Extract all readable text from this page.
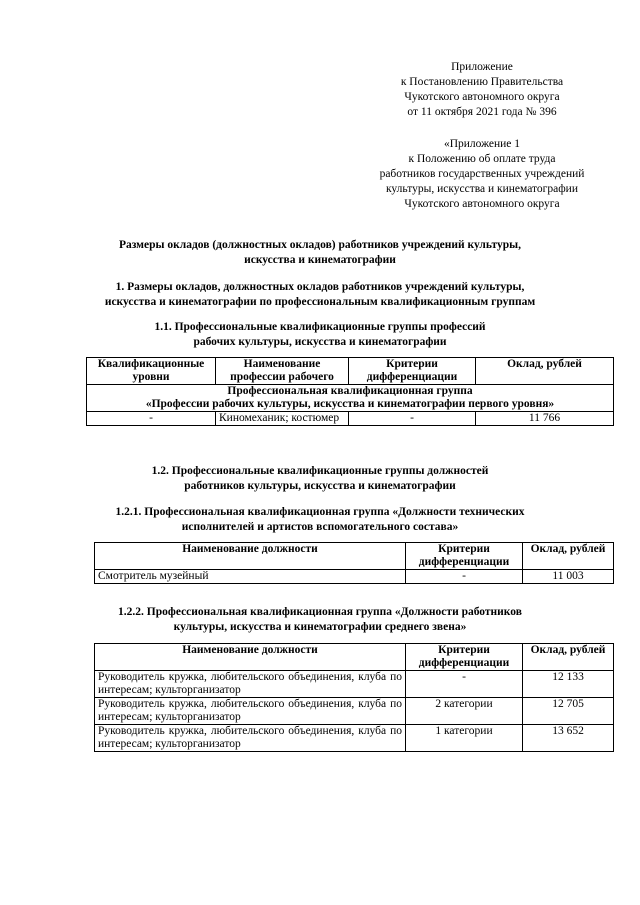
Приложение
к Постановлению Правительства
Чукотского автономного округа
от 11 октября 2021 года № 396
«Приложение 1
к Положению об оплате труда
работников государственных учреждений
культуры, искусства и кинематографии
Чукотского автономного округа
Размеры окладов (должностных окладов) работников учреждений культуры,
искусства и кинематографии
1. Размеры окладов, должностных окладов работников учреждений культуры,
искусства и кинематографии по профессиональным квалификационным группам
1.1. Профессиональные квалификационные группы профессий
рабочих культуры, искусства и кинематографии
Квалификационные уровни	Наименование профессии рабочего	Критерии дифференциации	Оклад, рублей

Профессиональная квалификационная группа
«Профессии рабочих культуры, искусства и кинематографии первого уровня»			

-	Киномеханик; костюмер	-	11 766
1.2. Профессиональные квалификационные группы должностей
работников культуры, искусства и кинематографии
1.2.1. Профессиональная квалификационная группа «Должности технических
исполнителей и артистов вспомогательного состава»
Наименование должности	Критерии дифференциации	Оклад, рублей
Смотритель музейный	-	11 003
1.2.2. Профессиональная квалификационная группа «Должности работников
культуры, искусства и кинематографии среднего звена»
Наименование должности	Критерии дифференциации	Оклад, рублей
Руководитель кружка, любительского объединения, клуба по интересам; культорганизатор	-	12 133
Руководитель кружка, любительского объединения, клуба по интересам; культорганизатор	2 категории	12 705
Руководитель кружка, любительского объединения, клуба по интересам; культорганизатор	1 категории	13 652
